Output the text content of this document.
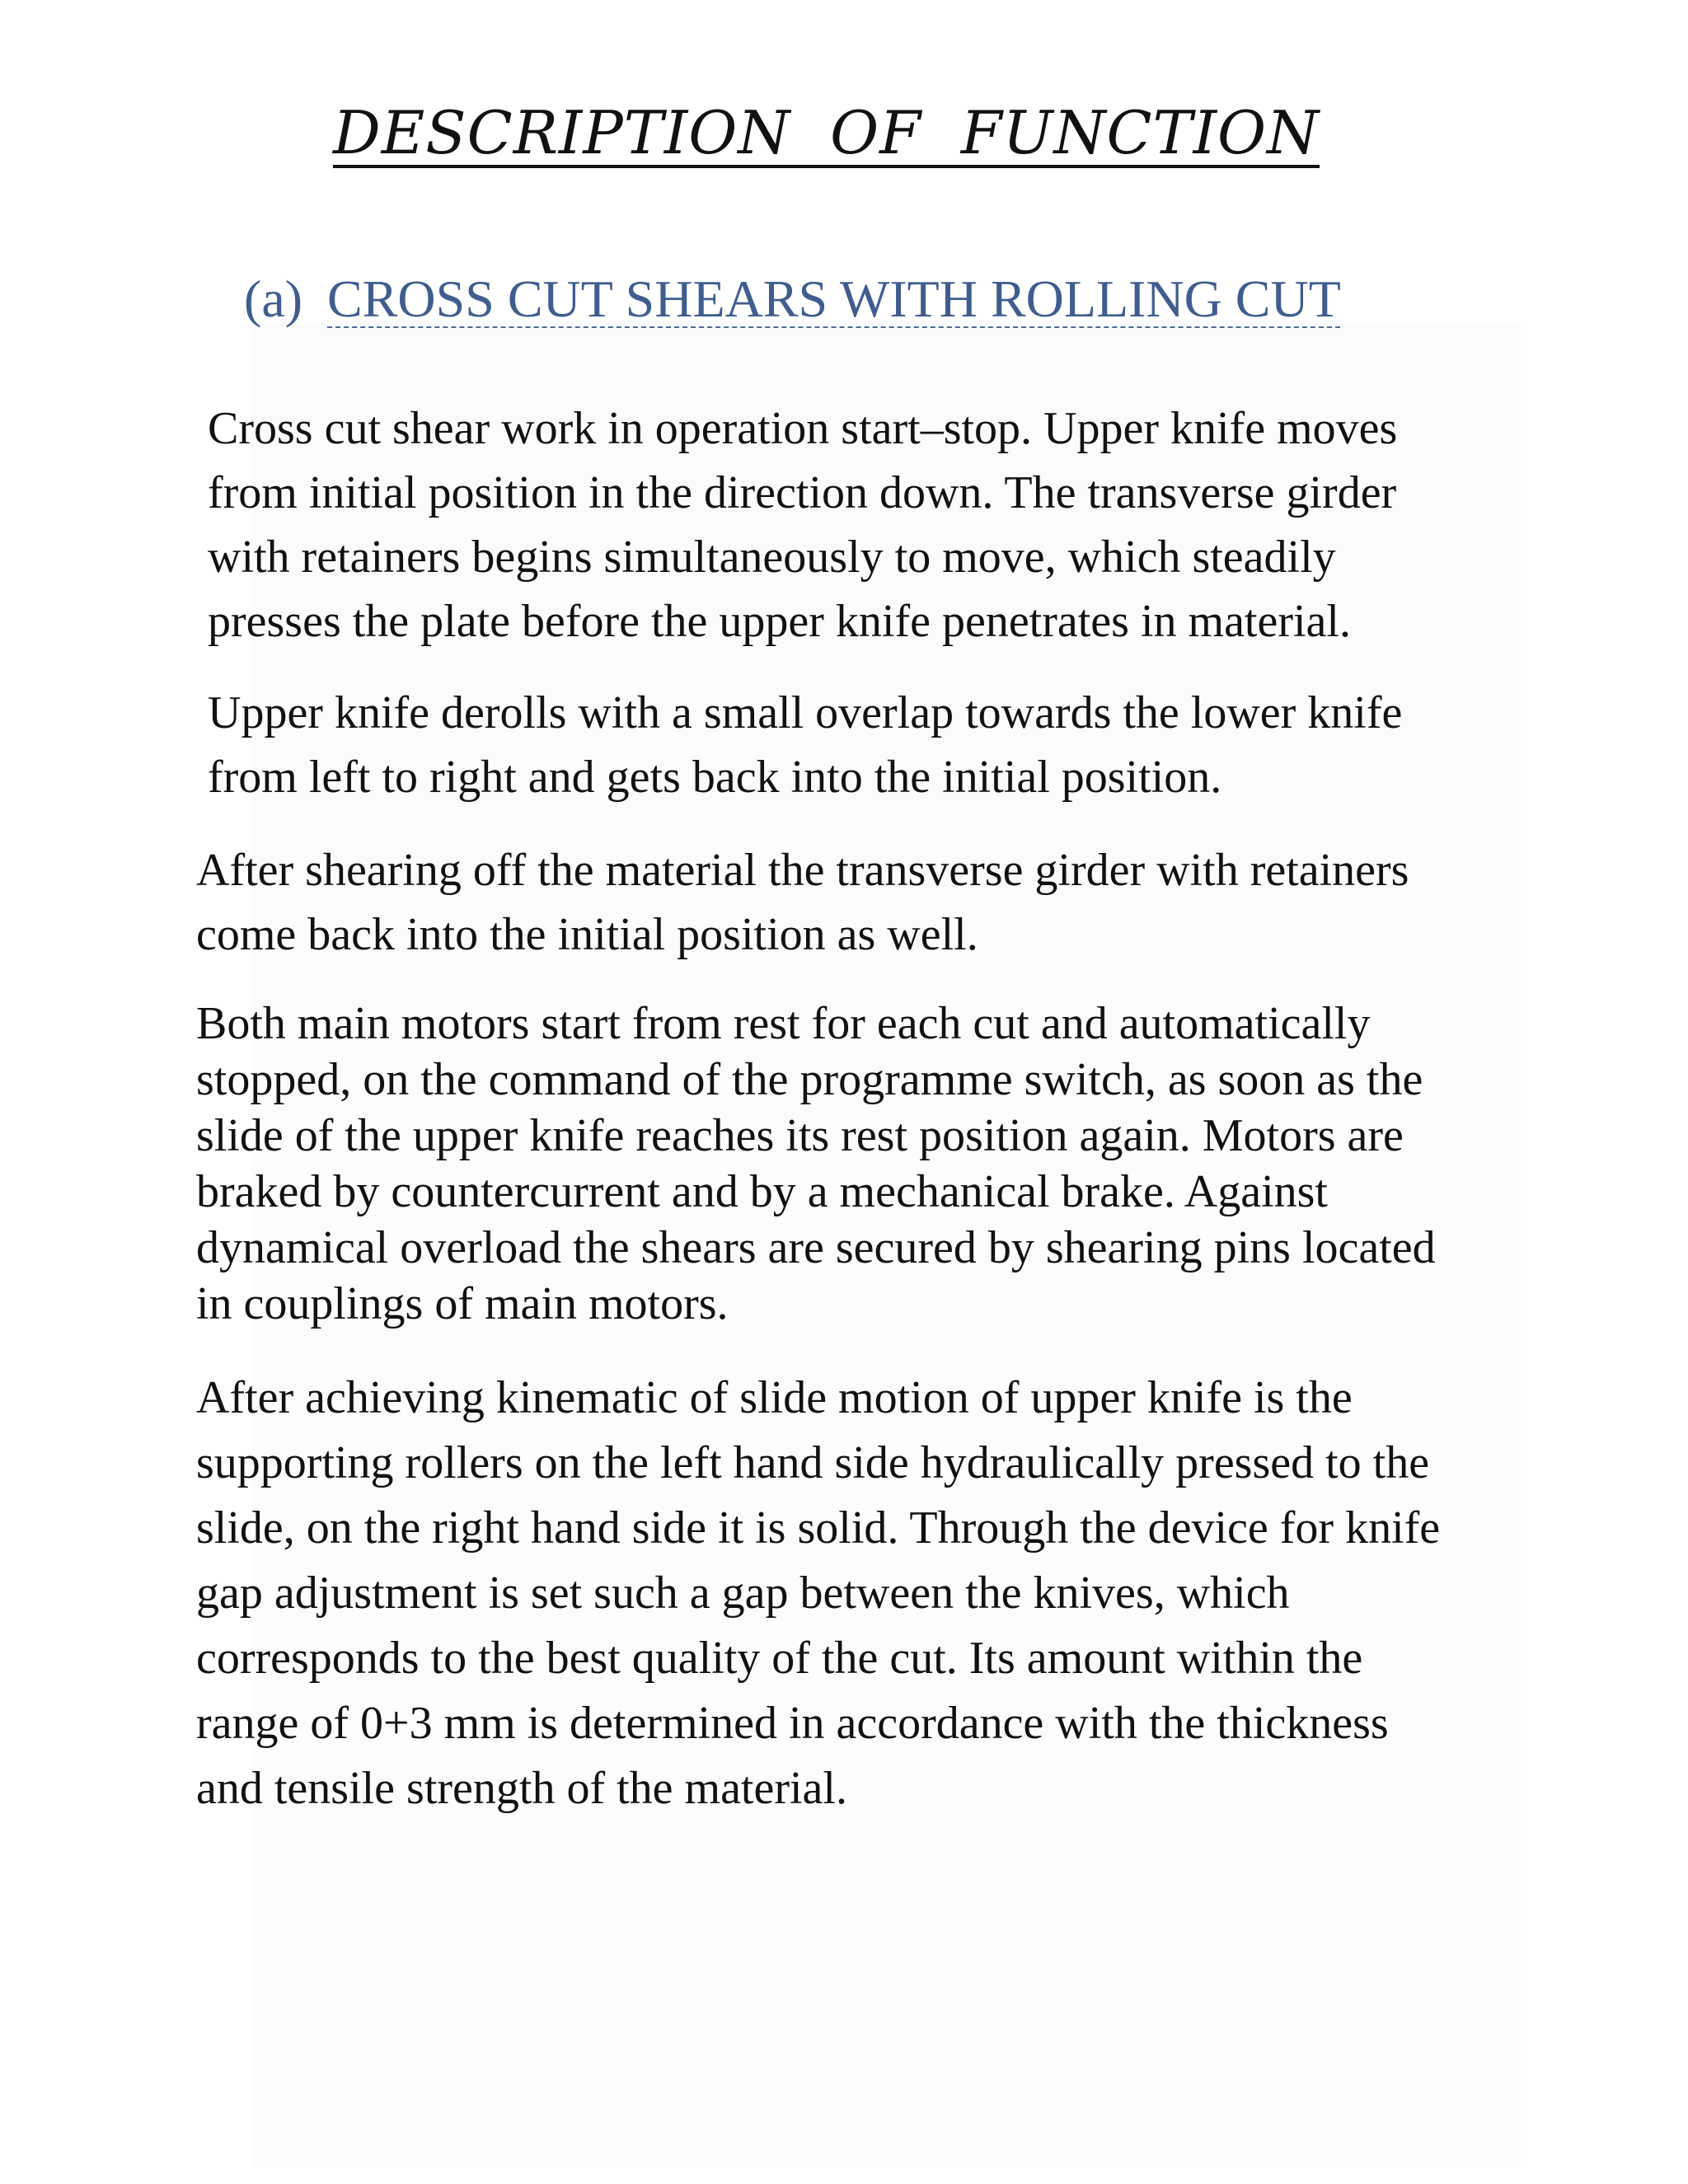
DESCRIPTION  OF  FUNCTION
(a) CROSS CUT SHEARS WITH ROLLING CUT

Cross cut shear work in operation start–stop. Upper knife moves
from initial position in the direction down. The transverse girder
with retainers begins simultaneously to move, which steadily
presses the plate before the upper knife penetrates in material.

Upper knife derolls with a small overlap towards the lower knife
from left to right and gets back into the initial position.

After shearing off the material the transverse girder with retainers
come back into the initial position as well.

Both main motors start from rest for each cut and automatically
stopped, on the command of the programme switch, as soon as the
slide of the upper knife reaches its rest position again. Motors are
braked by countercurrent and by a mechanical brake. Against
dynamical overload the shears are secured by shearing pins located
in couplings of main motors.

After achieving kinematic of slide motion of upper knife is the
supporting rollers on the left hand side hydraulically pressed to the
slide, on the right hand side it is solid. Through the device for knife
gap adjustment is set such a gap between the knives, which
corresponds to the best quality of the cut. Its amount within the
range of 0+3 mm is determined in accordance with the thickness
and tensile strength of the material.
